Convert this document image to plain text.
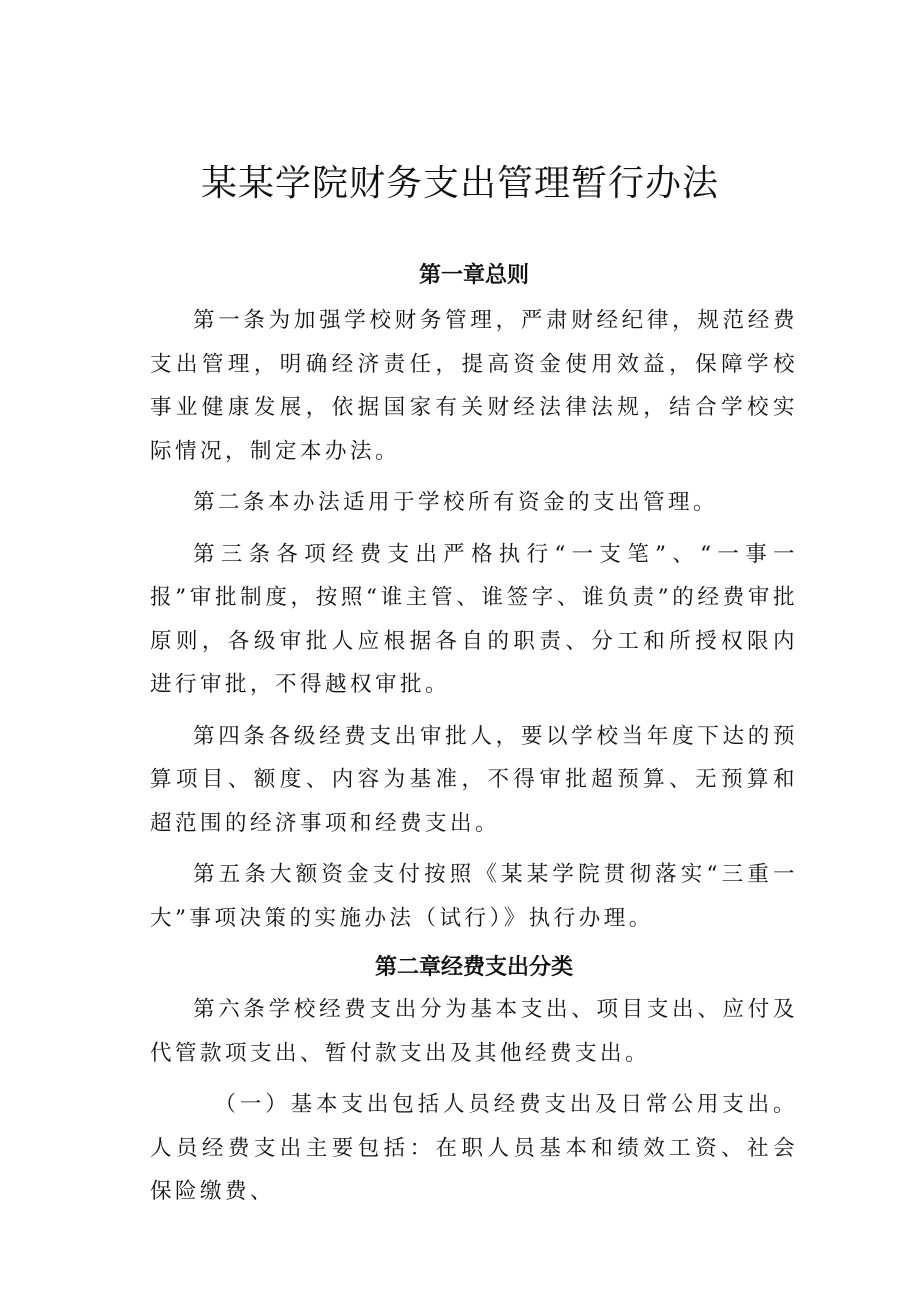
某某学院财务支出管理暂行办法
第一章总则

第一条为加强学校财务管理，严肃财经纪律，规范经费支出管理，明确经济责任，提高资金使用效益，保障学校事业健康发展，依据国家有关财经法律法规，结合学校实际情况，制定本办法。

第二条本办法适用于学校所有资金的支出管理。

第三条各项经费支出严格执行“一支笔”、“一事一报”审批制度，按照“谁主管、谁签字、谁负责”的经费审批原则，各级审批人应根据各自的职责、分工和所授权限内进行审批，不得越权审批。

第四条各级经费支出审批人，要以学校当年度下达的预算项目、额度、内容为基准，不得审批超预算、无预算和超范围的经济事项和经费支出。

第五条大额资金支付按照《某某学院贯彻落实“三重一大”事项决策的实施办法（试行）》执行办理。

第二章经费支出分类

第六条学校经费支出分为基本支出、项目支出、应付及代管款项支出、暂付款支出及其他经费支出。

（一）基本支出包括人员经费支出及日常公用支出。人员经费支出主要包括：在职人员基本和绩效工资、社会保险缴费、
